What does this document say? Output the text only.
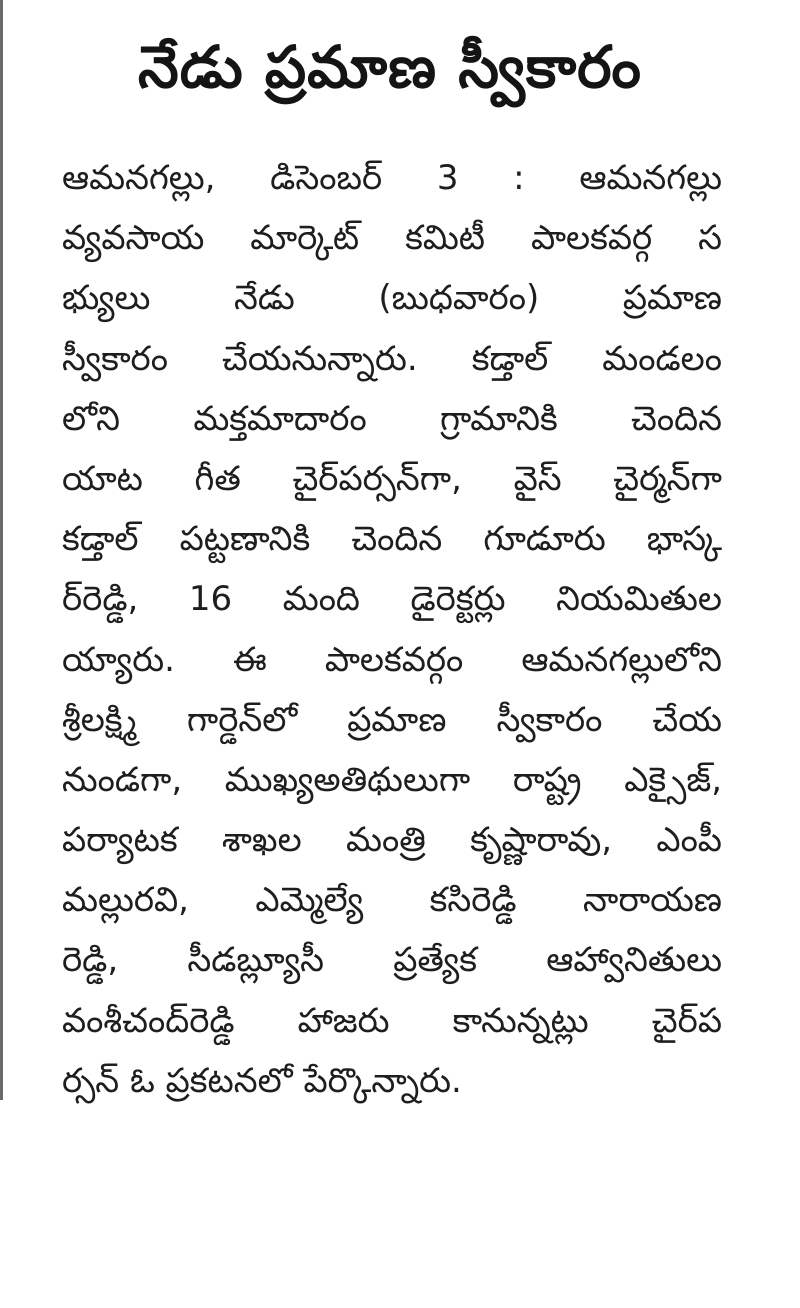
నేడు ప్రమాణ స్వీకారం
ఆమనగల్లు, డిసెంబర్ 3 : ఆమనగల్లు
వ్యవసాయ మార్కెట్ కమిటీ పాలకవర్గ స
భ్యులు నేడు (బుధవారం) ప్రమాణ
స్వీకారం చేయనున్నారు. కడ్తాల్ మండలం
లోని మక్తమాదారం గ్రామానికి చెందిన
యాట గీత చైర్‌పర్సన్‌గా, వైస్ చైర్మన్‌గా
కడ్తాల్ పట్టణానికి చెందిన గూడూరు భాస్క
ర్‌రెడ్డి, 16 మంది డైరెక్టర్లు నియమితుల
య్యారు. ఈ పాలకవర్గం ఆమనగల్లులోని
శ్రీలక్ష్మి గార్డెన్‌లో ప్రమాణ స్వీకారం చేయ
నుండగా, ముఖ్యఅతిథులుగా రాష్ట్ర ఎక్సైజ్,
పర్యాటక శాఖల మంత్రి కృష్ణారావు, ఎంపీ
మల్లురవి, ఎమ్మెల్యే కసిరెడ్డి నారాయణ
రెడ్డి, సీడబ్ల్యూసీ ప్రత్యేక ఆహ్వానితులు
వంశీచంద్‌రెడ్డి హాజరు కానున్నట్లు చైర్‌ప
ర్సన్ ఓ ప్రకటనలో పేర్కొన్నారు.
